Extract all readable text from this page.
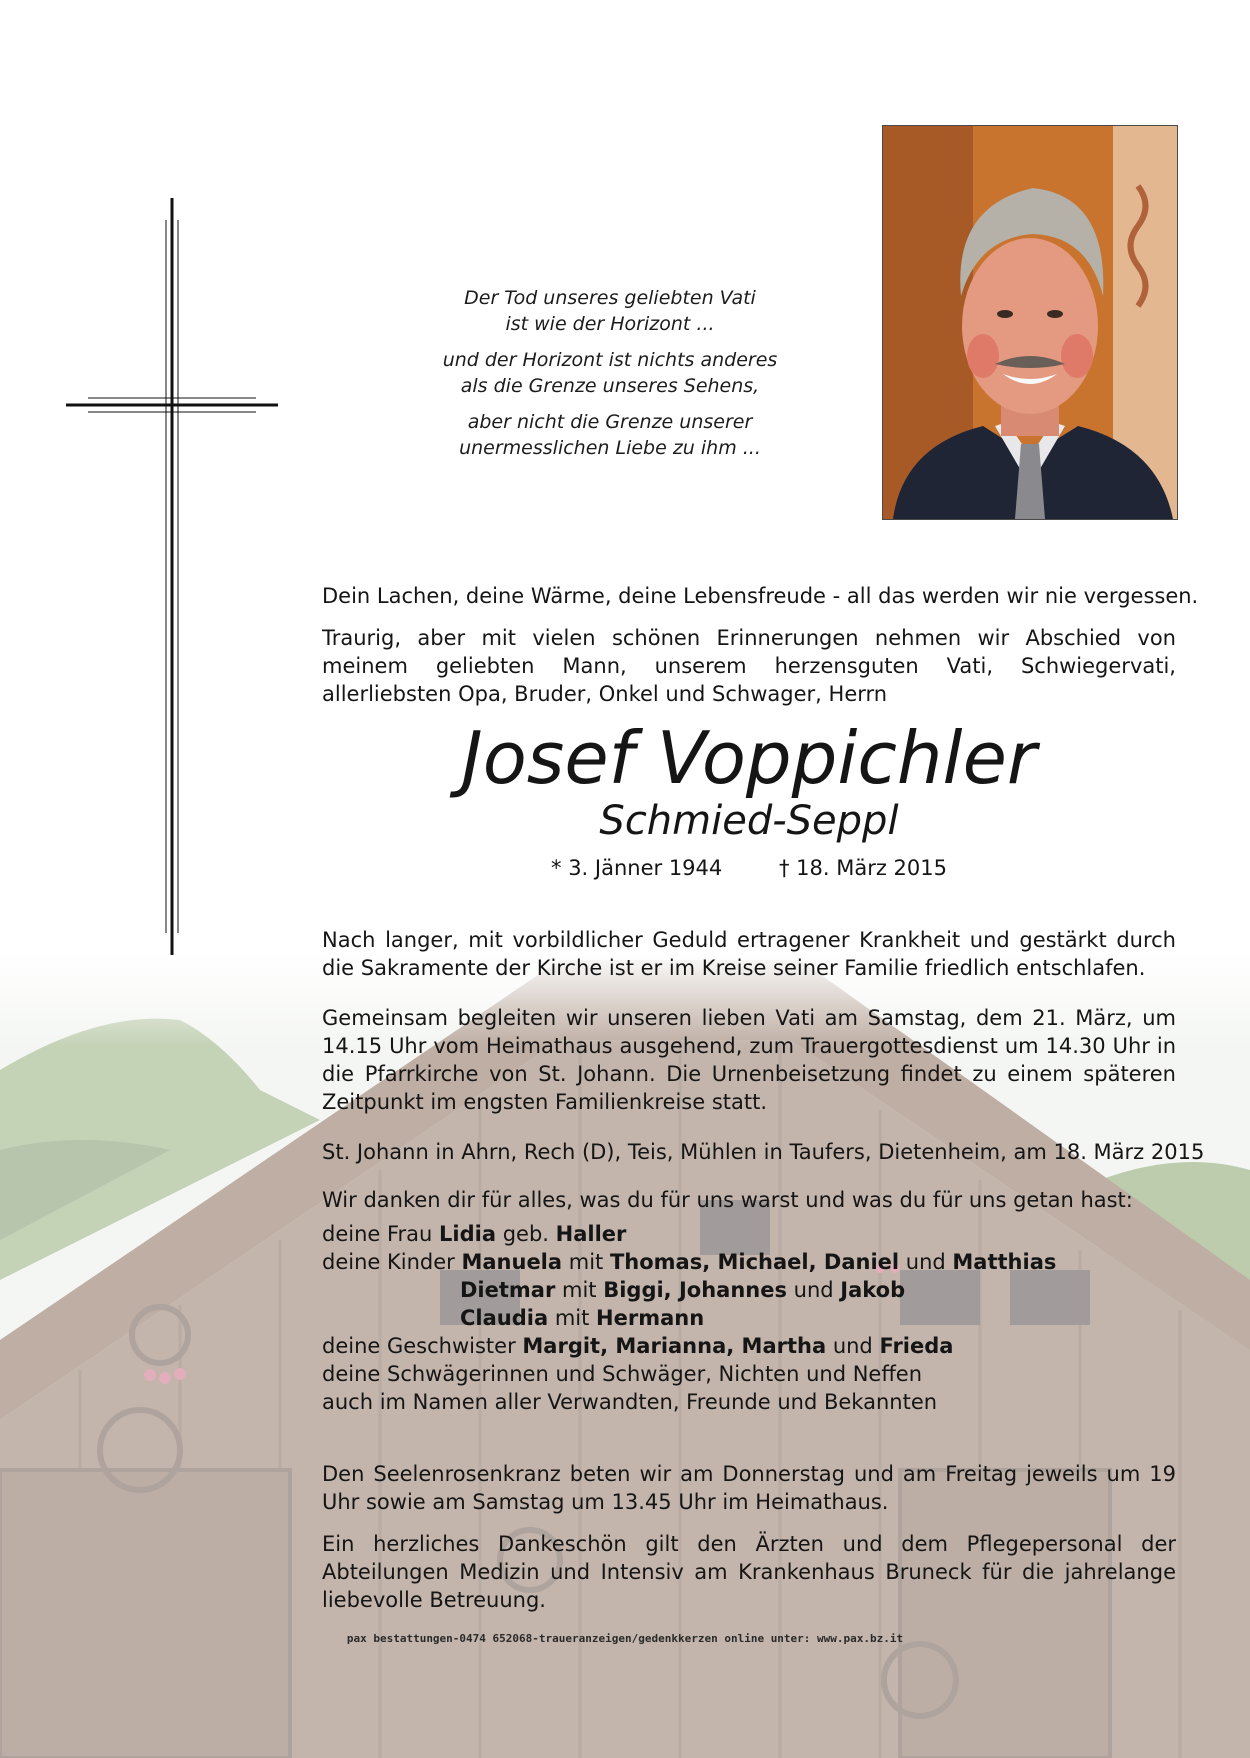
Der Tod unseres geliebten Vati
ist wie der Horizont ...
und der Horizont ist nichts anderes
als die Grenze unseres Sehens,
aber nicht die Grenze unserer
unermesslichen Liebe zu ihm ...

Dein Lachen, deine Wärme, deine Lebensfreude - all das werden wir nie vergessen.

Traurig, aber mit vielen schönen Erinnerungen nehmen wir Abschied von meinem geliebten Mann, unserem herzensguten Vati, Schwiegervati, allerliebsten Opa, Bruder, Onkel und Schwager, Herrn

Josef Voppichler
Schmied-Seppl
* 3. Jänner 1944	† 18. März 2015

Nach langer, mit vorbildlicher Geduld ertragener Krankheit und gestärkt durch die Sakramente der Kirche ist er im Kreise seiner Familie friedlich entschlafen.

Gemeinsam begleiten wir unseren lieben Vati am Samstag, dem 21. März, um 14.15 Uhr vom Heimathaus ausgehend, zum Trauergottesdienst um 14.30 Uhr in die Pfarrkirche von St. Johann. Die Urnenbeisetzung findet zu einem späteren Zeitpunkt im engsten Familienkreise statt.

St. Johann in Ahrn, Rech (D), Teis, Mühlen in Taufers, Dietenheim, am 18. März 2015

Wir danken dir für alles, was du für uns warst und was du für uns getan hast:

deine Frau Lidia geb. Haller

deine Kinder Manuela mit Thomas, Michael, Daniel und Matthias

Dietmar mit Biggi, Johannes und Jakob

Claudia mit Hermann

deine Geschwister Margit, Marianna, Martha und Frieda

deine Schwägerinnen und Schwäger, Nichten und Neffen

auch im Namen aller Verwandten, Freunde und Bekannten

Den Seelenrosenkranz beten wir am Donnerstag und am Freitag jeweils um 19 Uhr sowie am Samstag um 13.45 Uhr im Heimathaus.

Ein herzliches Dankeschön gilt den Ärzten und dem Pflegepersonal der Abteilungen Medizin und Intensiv am Krankenhaus Bruneck für die jahrelange liebevolle Betreuung.

pax bestattungen-0474 652068-traueranzeigen/gedenkkerzen online unter: www.pax.bz.it
